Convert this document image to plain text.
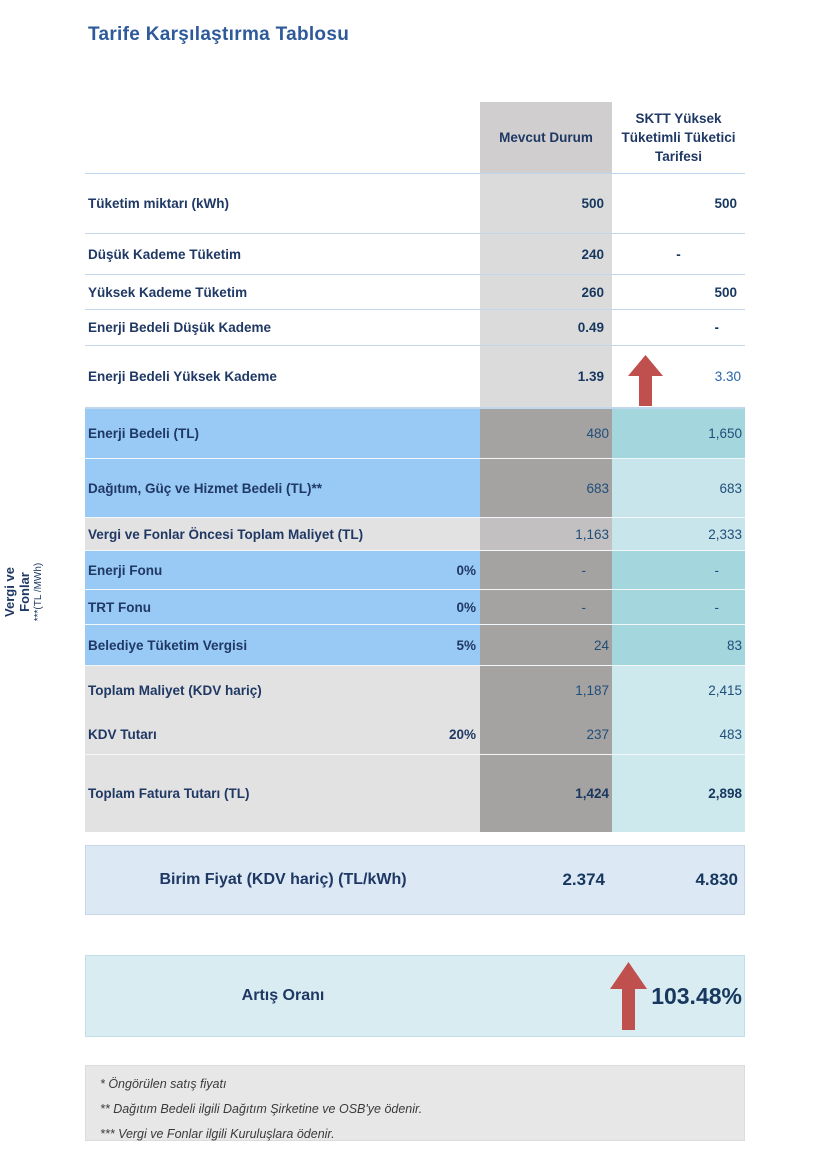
Tarife Karşılaştırma Tablosu
Vergi ve Fonlar ***(TL /MWh)
Mevcut Durum
SKTT Yüksek Tüketimli Tüketici Tarifesi
Tüketim miktarı (kWh)	500	500
Düşük Kademe Tüketim	240	-
Yüksek Kademe Tüketim	260	500
Enerji Bedeli Düşük Kademe	0.49	-
Enerji Bedeli Yüksek Kademe	1.39	3.30
Enerji Bedeli (TL)	480	1,650
Dağıtım, Güç ve Hizmet Bedeli (TL)**	683	683
Vergi ve Fonlar Öncesi Toplam Maliyet (TL)	1,163	2,333
Enerji Fonu	0%	-	-
TRT Fonu	0%	-	-
Belediye Tüketim Vergisi	5%	24	83
Toplam Maliyet (KDV hariç)	1,187	2,415
KDV Tutarı	20%	237	483
Toplam Fatura Tutarı (TL)	1,424	2,898
Birim Fiyat (KDV hariç) (TL/kWh)	2.374	4.830
Artış Oranı	103.48%
* Öngörülen satış fiyatı
** Dağıtım Bedeli ilgili Dağıtım Şirketine ve OSB'ye ödenir.
*** Vergi ve Fonlar ilgili Kuruluşlara ödenir.
